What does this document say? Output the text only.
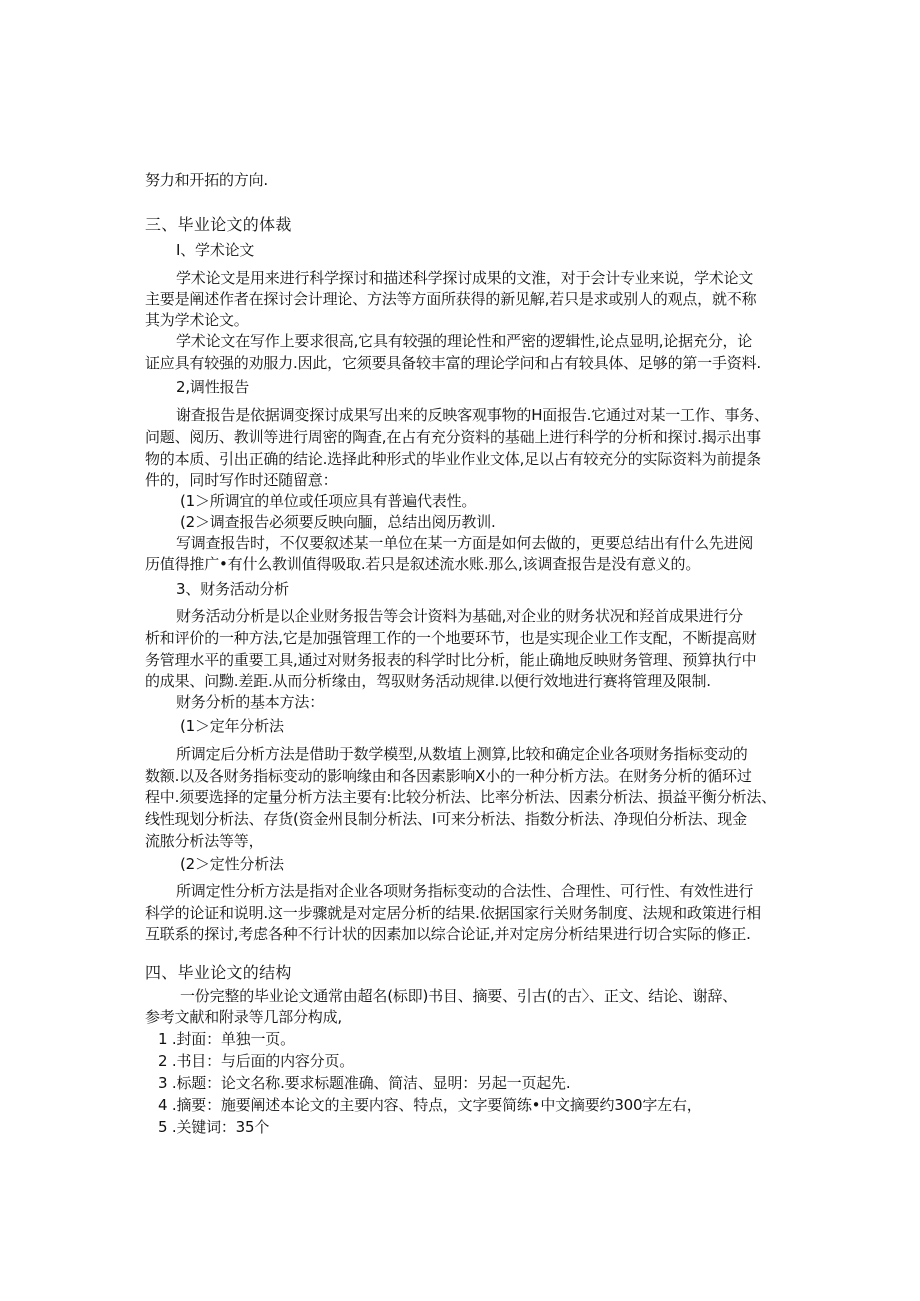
努力和开拓的方向.
三、毕业论文的体裁
I、学术论文
学术论文是用来进行科学探讨和描述科学探讨成果的文淮，对于会计专业来说，学术论文
主要是阐述作者在探讨会计理论、方法等方面所获得的新见解,若只是求或别人的观点，就不称
其为学术论文。
学术论文在写作上要求很高,它具有较强的理论性和严密的逻辑性,论点显明,论据充分，论
证应具有较强的劝服力.因此，它须要具备较丰富的理论学问和占有较具体、足够的第一手资料.
2,调性报告
谢査报告是依据调变探讨成果写出来的反映客观事物的H面报告.它通过对某一工作、事务、
问题、阅历、教训等进行周密的陶査,在占有充分资料的基础上进行科学的分析和探讨.揭示出事
物的本质、引出正确的结论.选择此种形式的毕业作业文体,足以占有较充分的实际资料为前提条
件的，同时写作时还随留意：
(1＞所调宜的单位或任项应具有普遍代表性。
(2＞调查报告必须要反映向腼，总结出阅历教训.
写调查报告时，不仅要叙述某一单位在某一方面是如何去做的，更要总结出有什么先进阅
历值得推广•有什么教训值得吸取.若只是叙述流水账.那么,该调査报告是没有意义的。
3、财务活动分析
财务活动分析是以企业财务报告等会计资料为基础,对企业的财务状况和羟首成果进行分
析和评价的一种方法,它是加强管理工作的一个地要环节，也是实现企业工作支配，不断提高财
务管理水平的重要工具,通过对财务报表的科学时比分析，能止确地反映财务管理、预算执行中
的成果、问黝.差距.从而分析缘由，驾驭财务活动规律.以便行效地进行赛将管理及限制.
财务分析的基本方法：
(1＞定年分析法
所调定后分析方法是借助于数学模型,从数埴上测算,比较和确定企业各项财务指标变动的
数额.以及各财务指标变动的影响缘由和各因素影响X小的一种分析方法。在财务分析的循环过
程中.须要选择的定量分析方法主要有:比较分析法、比率分析法、因素分析法、损益平衡分析法、
线性现划分析法、存货(资金州艮制分析法、I可来分析法、指数分析法、净现伯分析法、现金
流脓分析法等等，
(2＞定性分析法
所调定性分析方法是指对企业各项财务指标变动的合法性、合理性、可行性、有效性进行
科学的论证和说明.这一步骤就是对定居分析的结果.依据国家行关财务制度、法规和政策进行相
互联系的探讨,考虑各种不行计状的因素加以综合论证,并对定房分析结果进行切合实际的修正.
四、毕业论文的结构
一份完整的毕业论文通常由超名(标即)书目、摘要、引古(的古〉、正文、结论、谢辞、
参考文献和附录等几部分构成,
1 .封面：单独一页。
2 .书目：与后面的内容分页。
3 .标题：论文名称.要求标题准确、简洁、显明：另起一页起先.
4 .摘要：施要阐述本论文的主要内容、特点，文字要简练•中文摘要约300字左右，
5 .关键词：35个
